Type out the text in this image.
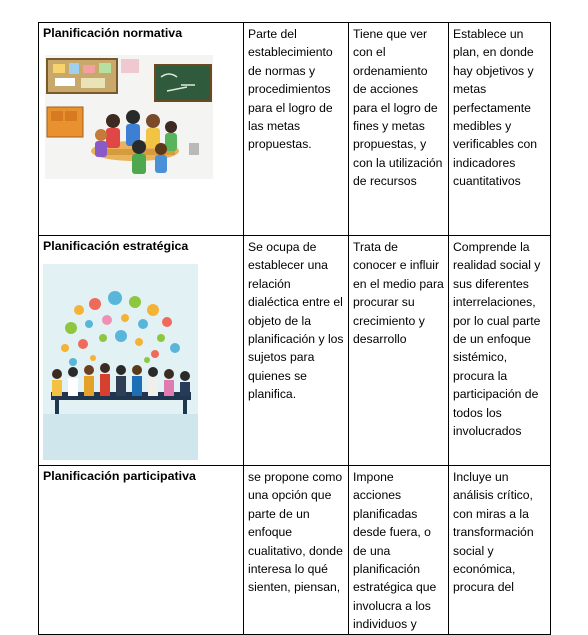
Planificación normativa	Parte del establecimiento de normas y procedimientos para el logro de las metas propuestas.	Tiene que ver con el ordenamiento de acciones para el logro de fines y metas propuestas, y con la utilización de recursos	Establece un plan, en donde hay objetivos y metas perfectamente medibles y verificables con indicadores cuantitativos

Planificación estratégica	Se ocupa de establecer una relación dialéctica entre el objeto de la planificación y los sujetos para quienes se planifica.	Trata de conocer e influir en el medio para procurar su crecimiento y desarrollo	Comprende la realidad social y sus diferentes interrelaciones, por lo cual parte de un enfoque sistémico, procura la participación de todos los involucrados

Planificación participativa	se propone como una opción que parte de un enfoque cualitativo, donde interesa lo qué sienten, piensan,	Impone acciones planificadas desde fuera, o de una planificación estratégica que involucra a los individuos y	Incluye un análisis crítico, con miras a la transformación social y económica, procura del
